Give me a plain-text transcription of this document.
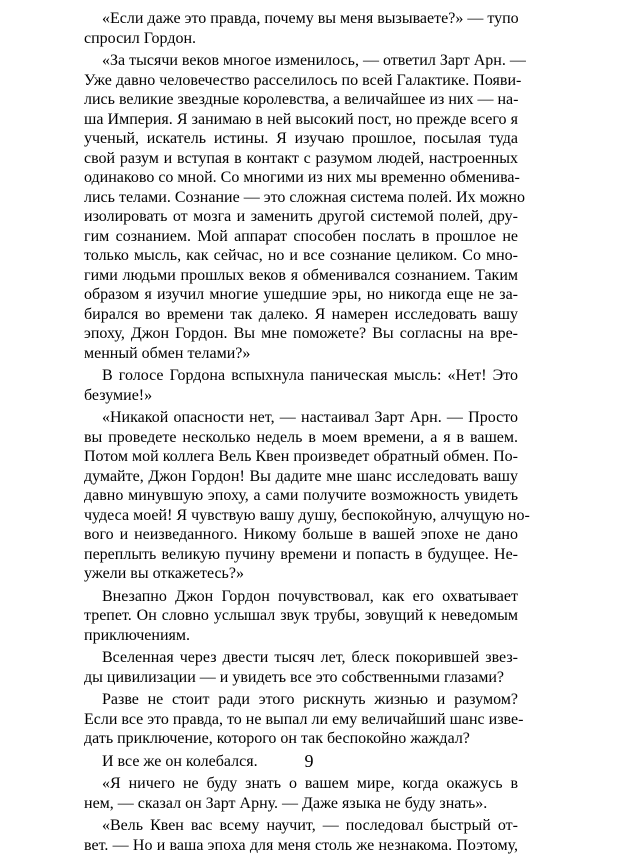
«Если даже это правда, почему вы меня вызываете?» — тупо
спросил Гордон.

«За тысячи веков многое изменилось, — ответил Зарт Арн. —
Уже давно человечество расселилось по всей Галактике. Появи-
лись великие звездные королевства, а величайшее из них — на-
ша Империя. Я занимаю в ней высокий пост, но прежде всего я
ученый, искатель истины. Я изучаю прошлое, посылая туда
свой разум и вступая в контакт с разумом людей, настроенных
одинаково со мной. Со многими из них мы временно обменива-
лись телами. Сознание — это сложная система полей. Их можно
изолировать от мозга и заменить другой системой полей, дру-
гим сознанием. Мой аппарат способен послать в прошлое не
только мысль, как сейчас, но и все сознание целиком. Со мно-
гими людьми прошлых веков я обменивался сознанием. Таким
образом я изучил многие ушедшие эры, но никогда еще не за-
бирался во времени так далеко. Я намерен исследовать вашу
эпоху, Джон Гордон. Вы мне поможете? Вы согласны на вре-
менный обмен телами?»

В голосе Гордона вспыхнула паническая мысль: «Нет! Это
безумие!»

«Никакой опасности нет, — настаивал Зарт Арн. — Просто
вы проведете несколько недель в моем времени, а я в вашем.
Потом мой коллега Вель Квен произведет обратный обмен. По-
думайте, Джон Гордон! Вы дадите мне шанс исследовать вашу
давно минувшую эпоху, а сами получите возможность увидеть
чудеса моей! Я чувствую вашу душу, беспокойную, алчущую но-
вого и неизведанного. Никому больше в вашей эпохе не дано
переплыть великую пучину времени и попасть в будущее. Не-
ужели вы откажетесь?»

Внезапно Джон Гордон почувствовал, как его охватывает
трепет. Он словно услышал звук трубы, зовущий к неведомым
приключениям.

Вселенная через двести тысяч лет, блеск покорившей звез-
ды цивилизации — и увидеть все это собственными глазами?

Разве не стоит ради этого рискнуть жизнью и разумом?
Если все это правда, то не выпал ли ему величайший шанс изве-
дать приключение, которого он так беспокойно жаждал?

И все же он колебался.

«Я ничего не буду знать о вашем мире, когда окажусь в
нем, — сказал он Зарт Арну. — Даже языка не буду знать».

«Вель Квен вас всему научит, — последовал быстрый от-
вет. — Но и ваша эпоха для меня столь же незнакома. Поэтому,

9
